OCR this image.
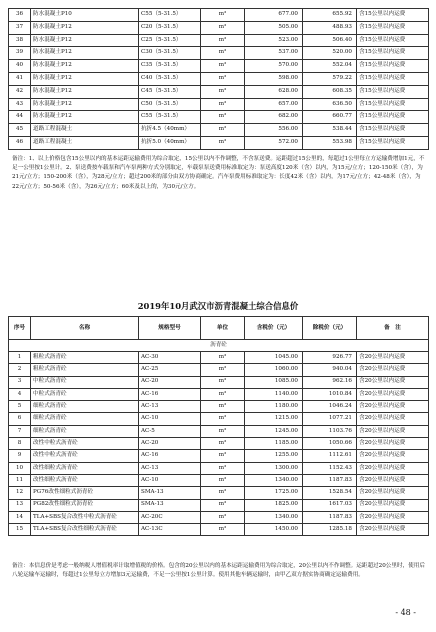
36	防水混凝土P10	C55（5-31.5）	m³	677.00	655.92	含15公里以内运费
37	防水混凝土P12	C20（5-31.5）	m³	505.00	488.93	含15公里以内运费
38	防水混凝土P12	C25（5-31.5）	m³	523.00	506.40	含15公里以内运费
39	防水混凝土P12	C30（5-31.5）	m³	537.00	520.00	含15公里以内运费
40	防水混凝土P12	C35（5-31.5）	m³	570.00	552.04	含15公里以内运费
41	防水混凝土P12	C40（5-31.5）	m³	598.00	579.22	含15公里以内运费
42	防水混凝土P12	C45（5-31.5）	m³	628.00	608.35	含15公里以内运费
43	防水混凝土P12	C50（5-31.5）	m³	657.00	636.50	含15公里以内运费
44	防水混凝土P12	C55（5-31.5）	m³	682.00	660.77	含15公里以内运费
45	道路工程混凝土	抗折4.5（40mm）	m³	556.00	538.44	含15公里以内运费
46	道路工程混凝土	抗折5.0（40mm）	m³	572.00	553.98	含15公里以内运费
备注：1、以上价格包含15公里以内的基本运距运输费用为综合取定，15公里以内不作调整，不含泵送费。运距超过15公里的，每超过1公里每立方运输费增加1元，不足一公里按1公里计。2、泵送费按车载泵和汽车泵两种方式分别取定，车载泵泵送费用标准取定为：泵送高度120米（含）以内，为15元/立方；120-150米（含），为21元/立方；150-200米（含），为28元/立方；超过200米的部分由双方协商确定。汽车泵费用标准取定为：长度42米（含）以内，为17元/立方；42-48米（含），为22元/立方；50-56米（含），为26元/立方；60米及以上的，为30元/立方。
2019年10月武汉市沥青混凝土综合信息价
序号	名称	规格型号	单位	含税价（元）	除税价（元）	备　注
沥青砼						
1	粗粒式沥青砼	AC-30	m³	1045.00	926.77	含20公里以内运费
2	粗粒式沥青砼	AC-25	m³	1060.00	940.04	含20公里以内运费
3	中粒式沥青砼	AC-20	m³	1085.00	962.16	含20公里以内运费
4	中粒式沥青砼	AC-16	m³	1140.00	1010.84	含20公里以内运费
5	细粒式沥青砼	AC-13	m³	1180.00	1046.24	含20公里以内运费
6	细粒式沥青砼	AC-10	m³	1215.00	1077.21	含20公里以内运费
7	细粒式沥青砼	AC-5	m³	1245.00	1103.76	含20公里以内运费
8	改性中粒式沥青砼	AC-20	m³	1185.00	1050.66	含20公里以内运费
9	改性中粒式沥青砼	AC-16	m³	1255.00	1112.61	含20公里以内运费
10	改性细粒式沥青砼	AC-13	m³	1300.00	1152.43	含20公里以内运费
11	改性细粒式沥青砼	AC-10	m³	1340.00	1187.83	含20公里以内运费
12	PG76改性细粒式沥青砼	SMA-13	m³	1725.00	1528.54	含20公里以内运费
13	PG82改性细粒式沥青砼	SMA-13	m³	1825.00	1617.03	含20公里以内运费
14	TLA+SBS复合改性中粒式沥青砼	AC-20C	m³	1340.00	1187.83	含20公里以内运费
15	TLA+SBS复合改性细粒式沥青砼	AC-13C	m³	1450.00	1285.18	含20公里以内运费
备注：本信息价是考虑一般纳税人增值税率计取增值税的价格。包含的20公里以内的基本运距运输费用为综合取定，20公里以内不作调整。运距超过20公里时，使用后八轮运输车运输时，每超过1公里每立方增加3元运输费，不足一公里按1公里计算。使用其他车辆运输时，由甲乙双方据实协商确定运输费用。
- 48 -
